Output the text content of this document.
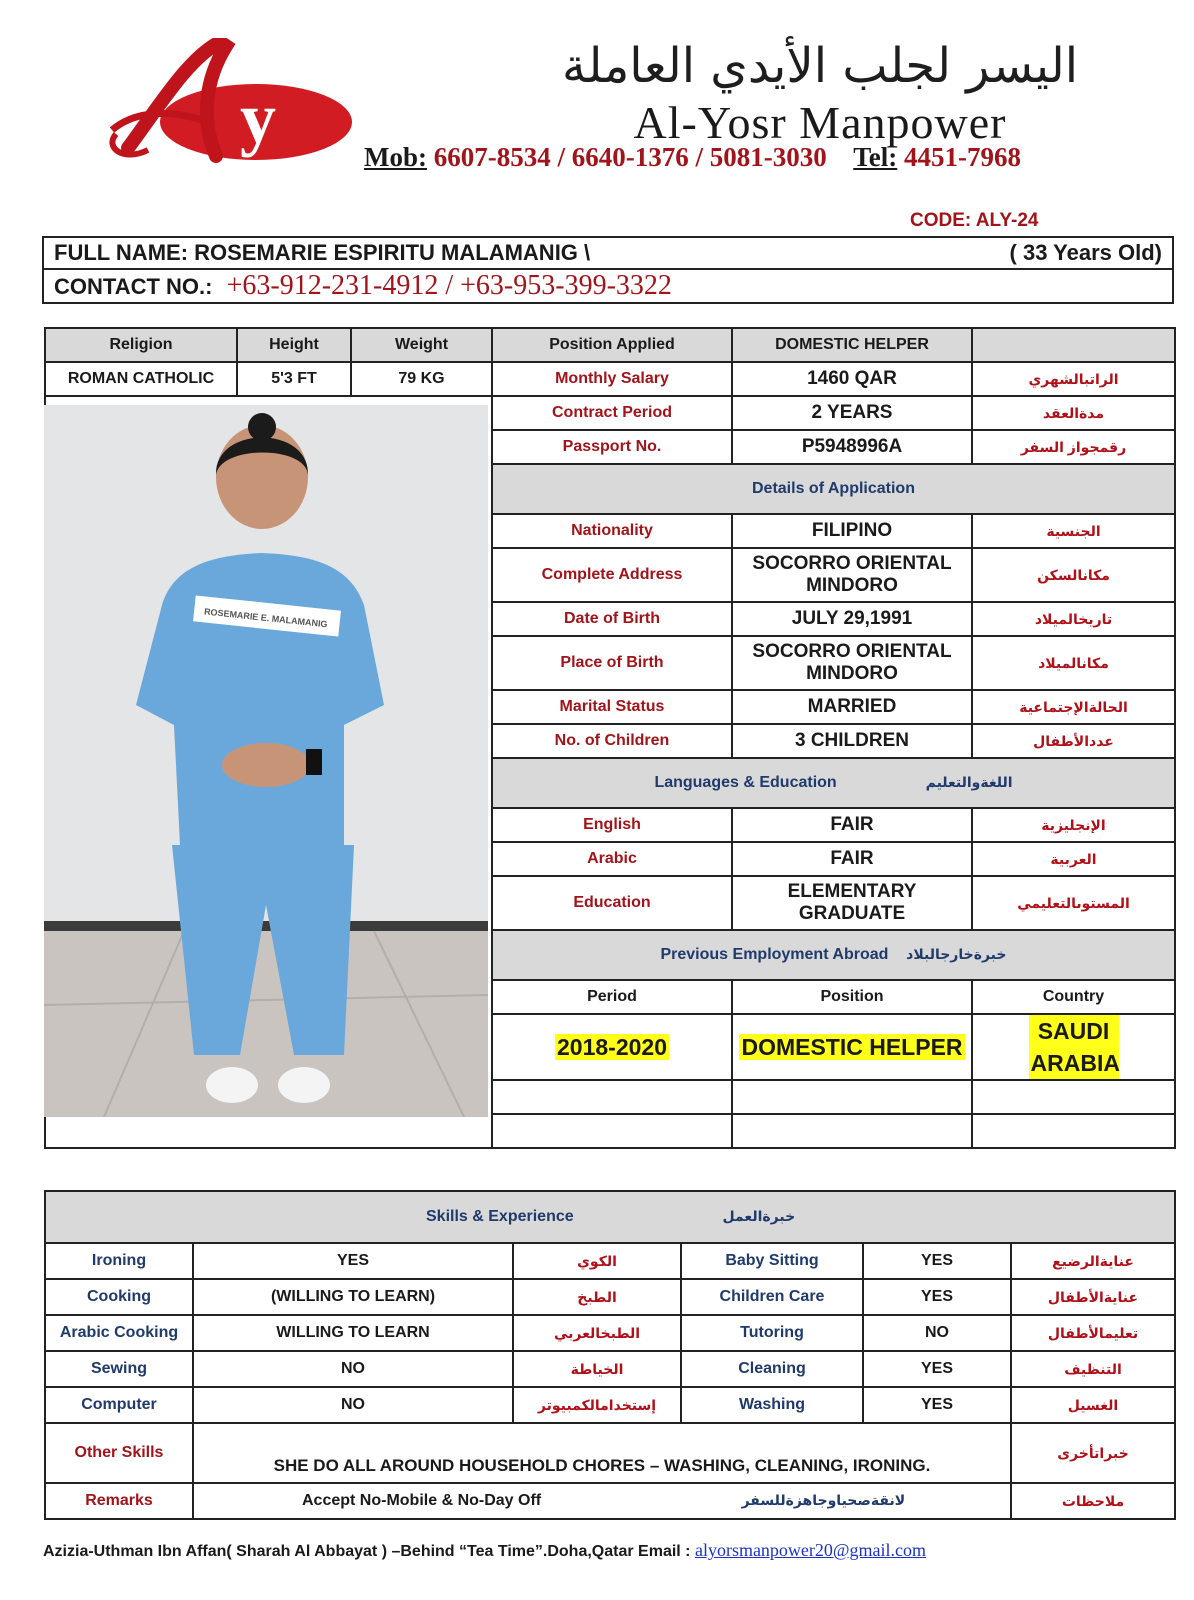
y
اليسر لجلب الأيدي العاملة
Al-Yosr Manpower
Mob: 6607-8534 / 6640-1376 / 5081-3030 Tel: 4451-7968
CODE: ALY-24
FULL NAME: ROSEMARIE ESPIRITU MALAMANIG \	( 33 Years Old)

CONTACT NO.: +63-912-231-4912 / +63-953-399-3322
Religion	Height	Weight	Position Applied	DOMESTIC HELPER	
ROMAN CATHOLIC	5'3 FT	79 KG	Monthly Salary	1460 QAR	الراتبالشهري

ROSEMARIE E. MALAMANIG			Contract Period	2 YEARS	مدةالعقد
			Passport No.	P5948996A	رقمجواز السفر
			Details of Application		
			Nationality	FILIPINO	الجنسية
			Complete Address	SOCORRO ORIENTAL MINDORO	مكانالسكن
			Date of Birth	JULY 29,1991	تاريخالميلاد
			Place of Birth	SOCORRO ORIENTAL MINDORO	مكانالميلاد
			Marital Status	MARRIED	الحالةالإجتماعية
			No. of Children	3 CHILDREN	عددالأطفال
			Languages & Education اللغةوالتعليم		
			English	FAIR	الإنجليزية
			Arabic	FAIR	العربية
			Education	ELEMENTARY GRADUATE	المستوىالتعليمي
			Previous Employment Abroad خبرةخارجالبلاد		
			Period	Position	Country
			2018-2020	DOMESTIC HELPER	SAUDI ARABIA

Skills & Experience خبرةالعمل					
Ironing	YES	الكوي	Baby Sitting	YES	عنايةالرضيع
Cooking	(WILLING TO LEARN)	الطبخ	Children Care	YES	عنايةالأطفال
Arabic Cooking	WILLING TO LEARN	الطبخالعربي	Tutoring	NO	تعليمالأطفال
Sewing	NO	الخياطة	Cleaning	YES	التنظيف
Computer	NO	إستخدامالكمبيوتر	Washing	YES	الغسيل
Other Skills	SHE DO ALL AROUND HOUSEHOLD CHORES – WASHING, CLEANING, IRONING.				خبراتأخرى
Remarks	Accept No-Mobile & No-Day Off لانقةصحياوجاهزةللسفر				ملاحظات
Azizia-Uthman Ibn Affan( Sharah Al Abbayat ) –Behind “Tea Time”.Doha,Qatar Email : alyorsmanpower20@gmail.com
